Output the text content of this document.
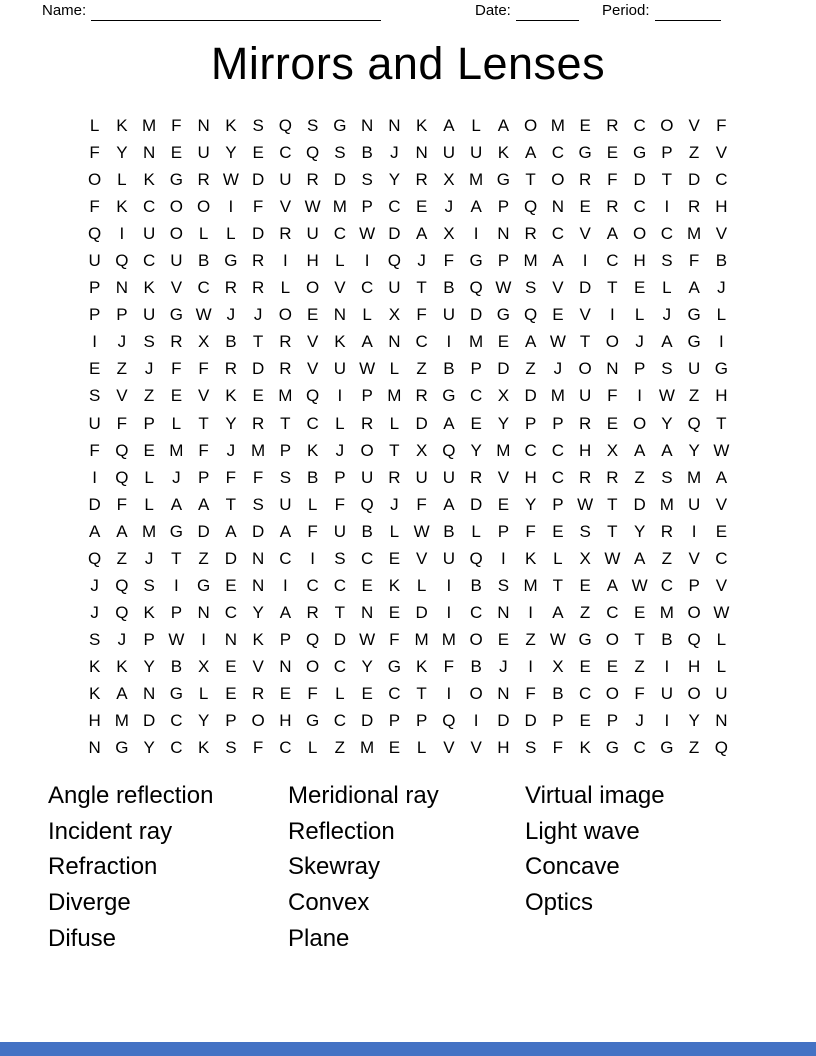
Name:	Date:	Period:
Mirrors and Lenses
L K M F N K S Q S G N N K A L A O M E R C O V F
F Y N E U Y E C Q S B	J N U U K A C G E G P Z V
O L K G R W D U R D S Y R X M G T O R F D T D C
F K C O O	I	F V W M P C E	J	A P Q N E R C	I	R H
Q	I	U O L	L D R U C W D A X	I	N R C V A O C M V
U Q C U B G R	I	H L	I	Q J	F G P M A	I	C H S F B
P N K V C R R L O V C U T B Q W S V D T E L A	J
P P U G W J	J O E N L X F U D G Q E V	I	L	J G L
I	J	S R X B T R V K A N C	I	M E A W T O J	A G	I
E Z	J	F F R D R V U W L	Z B P D Z	J O N P S U G
S V Z E V K E M Q	I	P M R G C X D M U F	I W Z H
U F P L	T Y R T C L R L D A E Y P P R E O Y Q T
F Q E M F	J M P K	J O T X Q Y M C C H X A A Y W
I	Q L	J	P F F S B P U R U U R V H C R R Z S M A
D F	L A A T S U L	F Q J	F A D E Y P W T D M U V
A A M G D A D A F U B L W B L P F E S T Y R	I	E
Q Z	J	T Z D N C	I	S C E V U Q	I	K L X W A Z V C
J Q S	I	G E N	I	C C E K L	I	B S M T E A W C P V
J Q K P N C Y A R T N E D	I	C N	I	A Z C E M O W
S	J	P W I	N K P Q D W F M M O E Z W G O T B Q L
K K Y B X E V N O C Y G K F B	J	I	X E E Z	I	H L
K A N G L E R E F	L E C T	I	O N F B C O F U O U
H M D C Y P O H G C D P P Q	I	D D P E P	J	I	Y N
N G Y C K S F C L	Z M E L V V H S F K G C G Z Q
Angle reflection
Incident ray
Refraction
Diverge
Difuse
Meridional ray
Reflection
Skewray
Convex
Plane
Virtual image
Light wave
Concave
Optics
